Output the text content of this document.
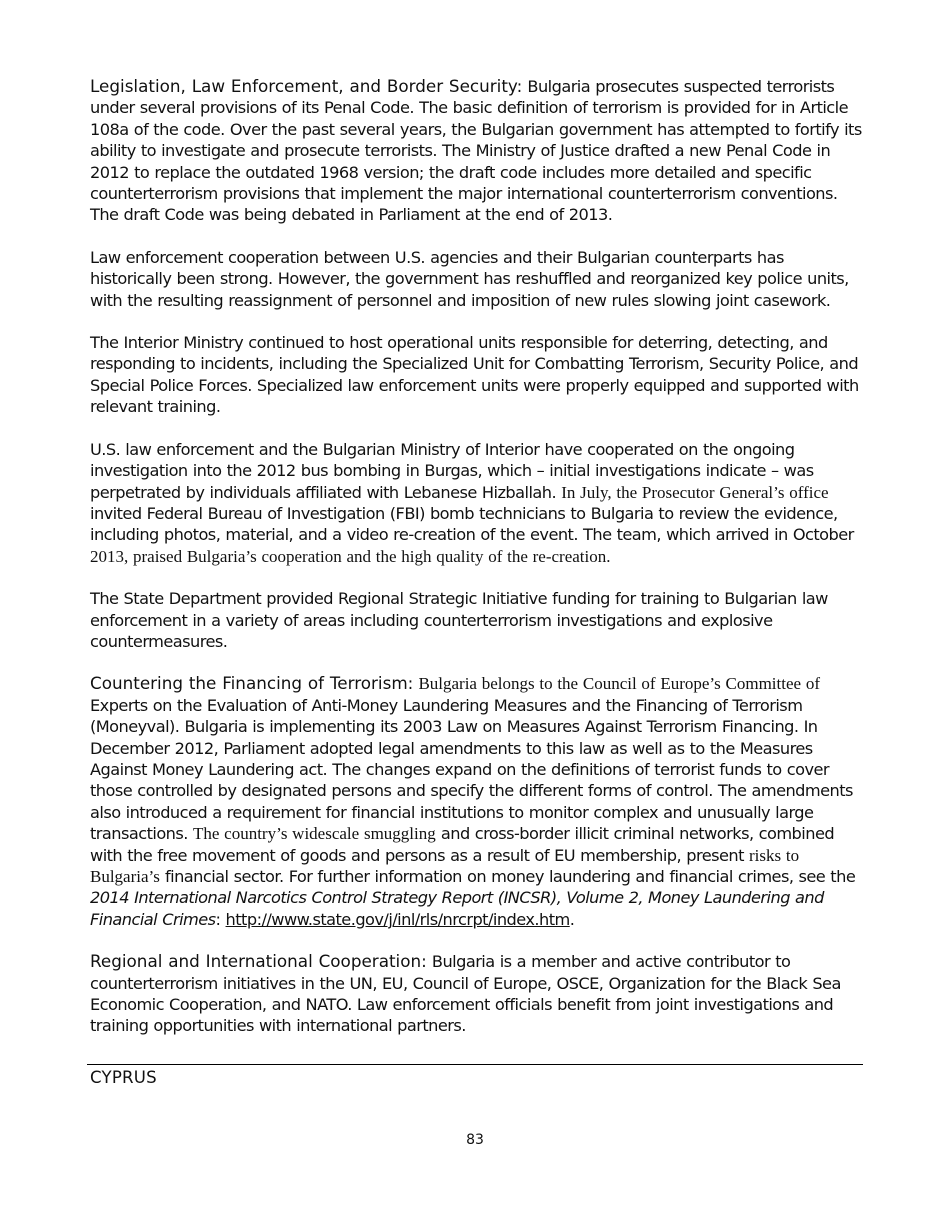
Legislation, Law Enforcement, and Border Security: Bulgaria prosecutes suspected terrorists under several provisions of its Penal Code. The basic definition of terrorism is provided for in Article 108a of the code. Over the past several years, the Bulgarian government has attempted to fortify its ability to investigate and prosecute terrorists. The Ministry of Justice drafted a new Penal Code in 2012 to replace the outdated 1968 version; the draft code includes more detailed and specific counterterrorism provisions that implement the major international counterterrorism conventions. The draft Code was being debated in Parliament at the end of 2013.

Law enforcement cooperation between U.S. agencies and their Bulgarian counterparts has historically been strong. However, the government has reshuffled and reorganized key police units, with the resulting reassignment of personnel and imposition of new rules slowing joint casework.

The Interior Ministry continued to host operational units responsible for deterring, detecting, and responding to incidents, including the Specialized Unit for Combatting Terrorism, Security Police, and Special Police Forces. Specialized law enforcement units were properly equipped and supported with relevant training.

U.S. law enforcement and the Bulgarian Ministry of Interior have cooperated on the ongoing investigation into the 2012 bus bombing in Burgas, which – initial investigations indicate – was perpetrated by individuals affiliated with Lebanese Hizballah. In July, the Prosecutor General’s office invited Federal Bureau of Investigation (FBI) bomb technicians to Bulgaria to review the evidence, including photos, material, and a video re-creation of the event. The team, which arrived in October 2013, praised Bulgaria’s cooperation and the high quality of the re-creation.

The State Department provided Regional Strategic Initiative funding for training to Bulgarian law enforcement in a variety of areas including counterterrorism investigations and explosive countermeasures.

Countering the Financing of Terrorism: Bulgaria belongs to the Council of Europe’s Committee of Experts on the Evaluation of Anti-Money Laundering Measures and the Financing of Terrorism (Moneyval). Bulgaria is implementing its 2003 Law on Measures Against Terrorism Financing. In December 2012, Parliament adopted legal amendments to this law as well as to the Measures Against Money Laundering act. The changes expand on the definitions of terrorist funds to cover those controlled by designated persons and specify the different forms of control. The amendments also introduced a requirement for financial institutions to monitor complex and unusually large transactions. The country’s widescale smuggling and cross-border illicit criminal networks, combined with the free movement of goods and persons as a result of EU membership, present risks to Bulgaria’s financial sector. For further information on money laundering and financial crimes, see the 2014 International Narcotics Control Strategy Report (INCSR), Volume 2, Money Laundering and Financial Crimes: http://www.state.gov/j/inl/rls/nrcrpt/index.htm.

Regional and International Cooperation: Bulgaria is a member and active contributor to counterterrorism initiatives in the UN, EU, Council of Europe, OSCE, Organization for the Black Sea Economic Cooperation, and NATO. Law enforcement officials benefit from joint investigations and training opportunities with international partners.

CYPRUS
83
